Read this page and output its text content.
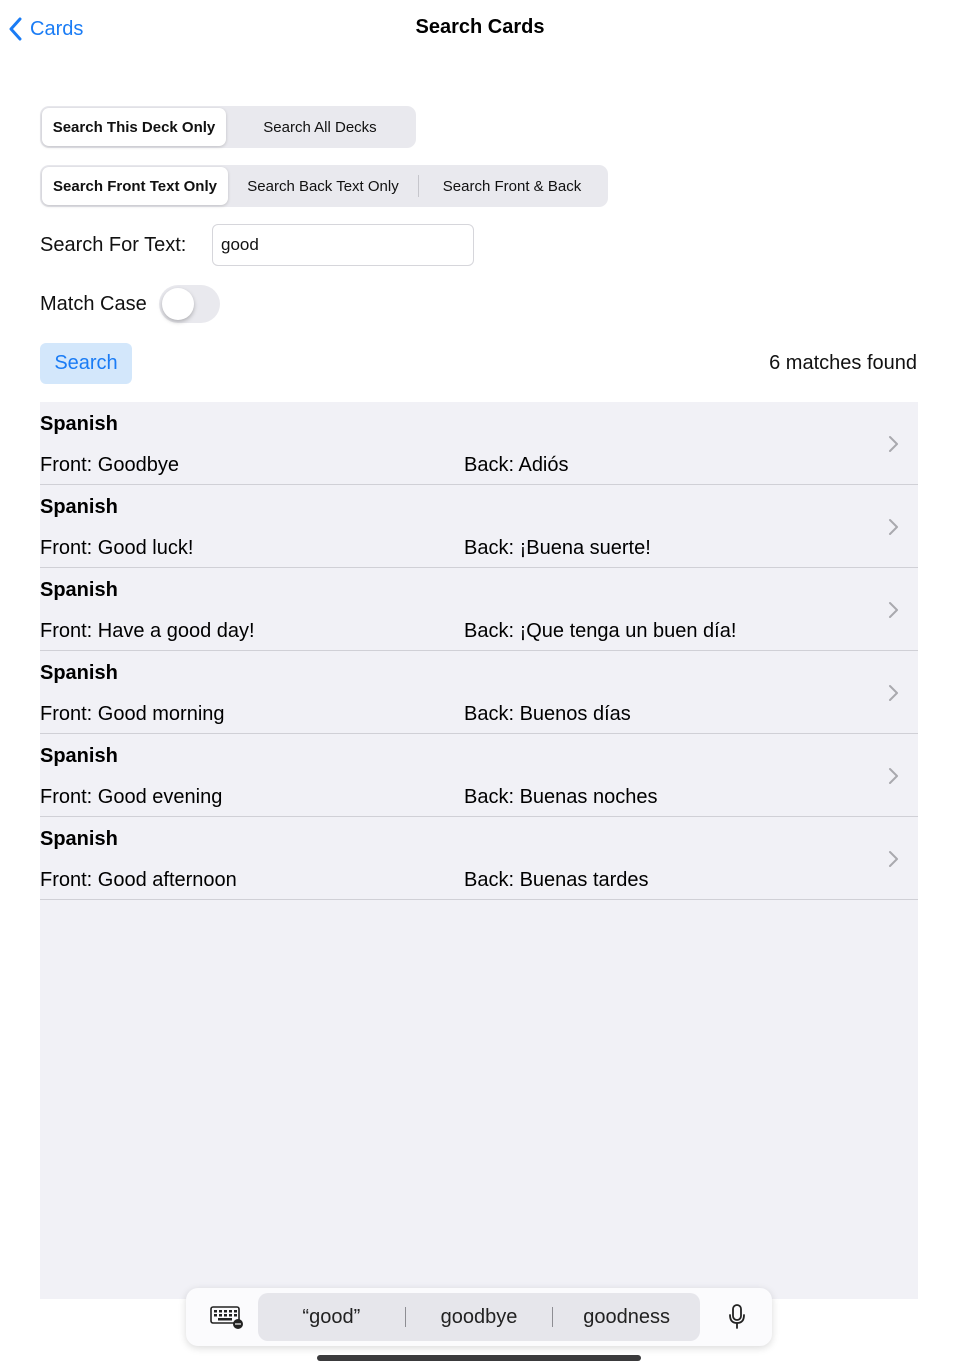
Cards	Search Cards
Search This Deck Only	Search All Decks
Search Front Text Only	Search Back Text Only	Search Front & Back
Search For Text:
good
Match Case
Search	6 matches found
Spanish
Front: Goodbye	Back: Adiós
Spanish
Front: Good luck!	Back: ¡Buena suerte!
Spanish
Front: Have a good day!	Back: ¡Que tenga un buen día!
Spanish
Front: Good morning	Back: Buenos días
Spanish
Front: Good evening	Back: Buenas noches
Spanish
Front: Good afternoon	Back: Buenas tardes
“good”	goodbye	goodness
